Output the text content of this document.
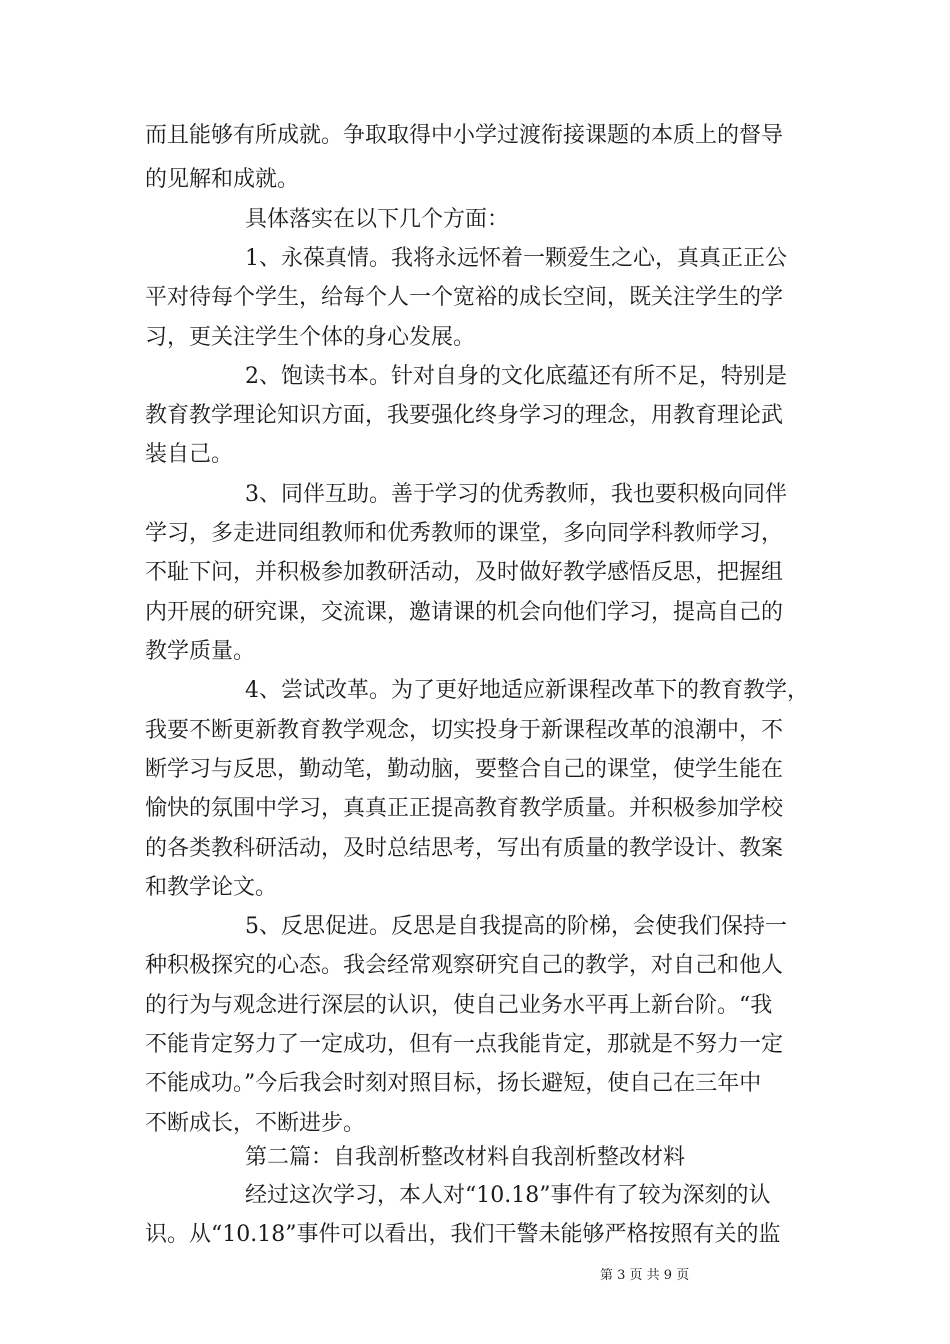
而且能够有所成就。争取取得中小学过渡衔接课题的本质上的督导
的见解和成就。
具体落实在以下几个方面：
1、永葆真情。我将永远怀着一颗爱生之心，真真正正公
平对待每个学生，给每个人一个宽裕的成长空间，既关注学生的学
习，更关注学生个体的身心发展。
2、饱读书本。针对自身的文化底蕴还有所不足，特别是
教育教学理论知识方面，我要强化终身学习的理念，用教育理论武
装自己。
3、同伴互助。善于学习的优秀教师，我也要积极向同伴
学习，多走进同组教师和优秀教师的课堂，多向同学科教师学习，
不耻下问，并积极参加教研活动，及时做好教学感悟反思，把握组
内开展的研究课，交流课，邀请课的机会向他们学习，提高自己的
教学质量。
4、尝试改革。为了更好地适应新课程改革下的教育教学，
我要不断更新教育教学观念，切实投身于新课程改革的浪潮中，不
断学习与反思，勤动笔，勤动脑，要整合自己的课堂，使学生能在
愉快的氛围中学习，真真正正提高教育教学质量。并积极参加学校
的各类教科研活动，及时总结思考，写出有质量的教学设计、教案
和教学论文。
5、反思促进。反思是自我提高的阶梯，会使我们保持一
种积极探究的心态。我会经常观察研究自己的教学，对自己和他人
的行为与观念进行深层的认识，使自己业务水平再上新台阶。“我
不能肯定努力了一定成功，但有一点我能肯定，那就是不努力一定
不能成功。”今后我会时刻对照目标，扬长避短，使自己在三年中
不断成长，不断进步。
第二篇：自我剖析整改材料自我剖析整改材料
经过这次学习，本人对“10.18”事件有了较为深刻的认
识。从“10.18”事件可以看出，我们干警未能够严格按照有关的监
第 3 页 共 9 页
